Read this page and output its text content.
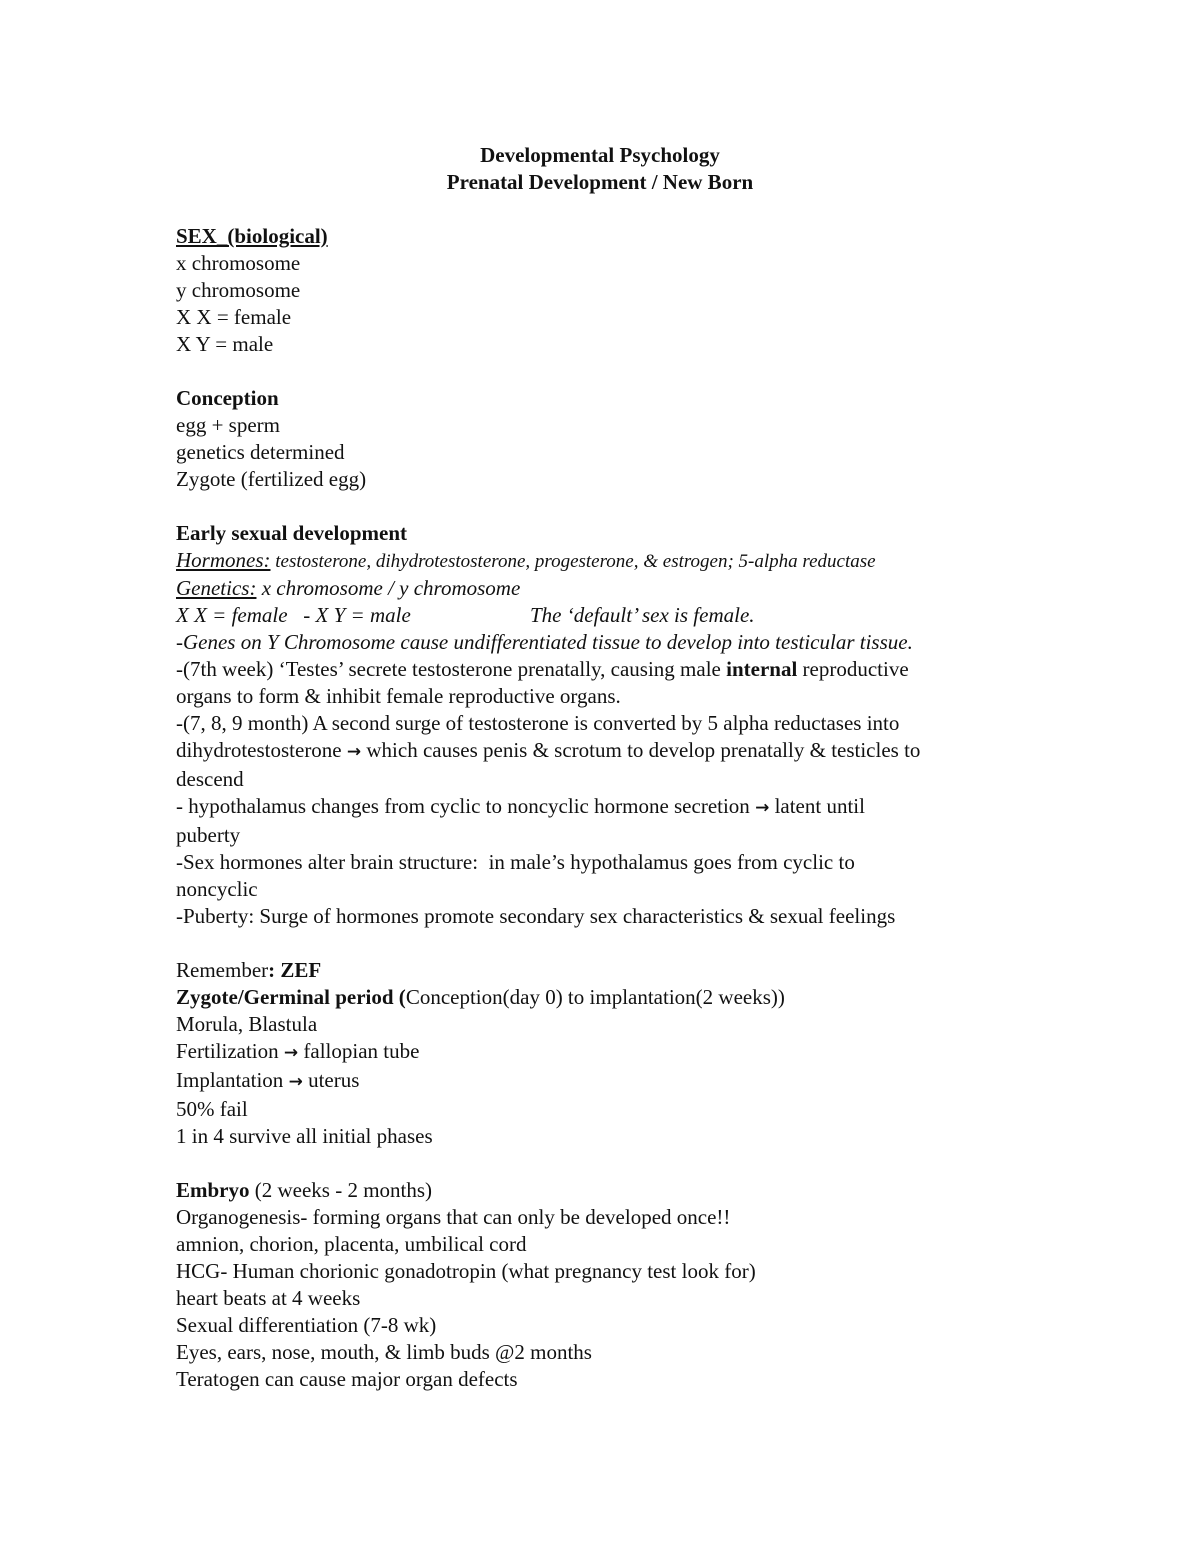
Developmental Psychology
Prenatal Development / New Born
SEX_(biological)
x chromosome
y chromosome
X X = female
X Y = male
Conception
egg + sperm
genetics determined
Zygote (fertilized egg)
Early sexual development
Hormones: testosterone, dihydrotestosterone, progesterone, & estrogen; 5-alpha reductase
Genetics: x chromosome / y chromosome
X X = female   - X Y = male	The ‘default’ sex is female.
-Genes on Y Chromosome cause undifferentiated tissue to develop into testicular tissue.
-(7th week) ‘Testes’ secrete testosterone prenatally, causing male internal reproductive
organs to form & inhibit female reproductive organs.
-(7, 8, 9 month) A second surge of testosterone is converted by 5 alpha reductases into
dihydrotestosterone → which causes penis & scrotum to develop prenatally & testicles to
descend
- hypothalamus changes from cyclic to noncyclic hormone secretion → latent until
puberty
-Sex hormones alter brain structure:  in male’s hypothalamus goes from cyclic to
noncyclic
-Puberty: Surge of hormones promote secondary sex characteristics & sexual feelings
Remember: ZEF
Zygote/Germinal period (Conception(day 0) to implantation(2 weeks))
Morula, Blastula
Fertilization → fallopian tube
Implantation → uterus
50% fail
1 in 4 survive all initial phases
Embryo (2 weeks - 2 months)
Organogenesis- forming organs that can only be developed once!!
amnion, chorion, placenta, umbilical cord
HCG- Human chorionic gonadotropin (what pregnancy test look for)
heart beats at 4 weeks
Sexual differentiation (7-8 wk)
Eyes, ears, nose, mouth, & limb buds @2 months
Teratogen can cause major organ defects
